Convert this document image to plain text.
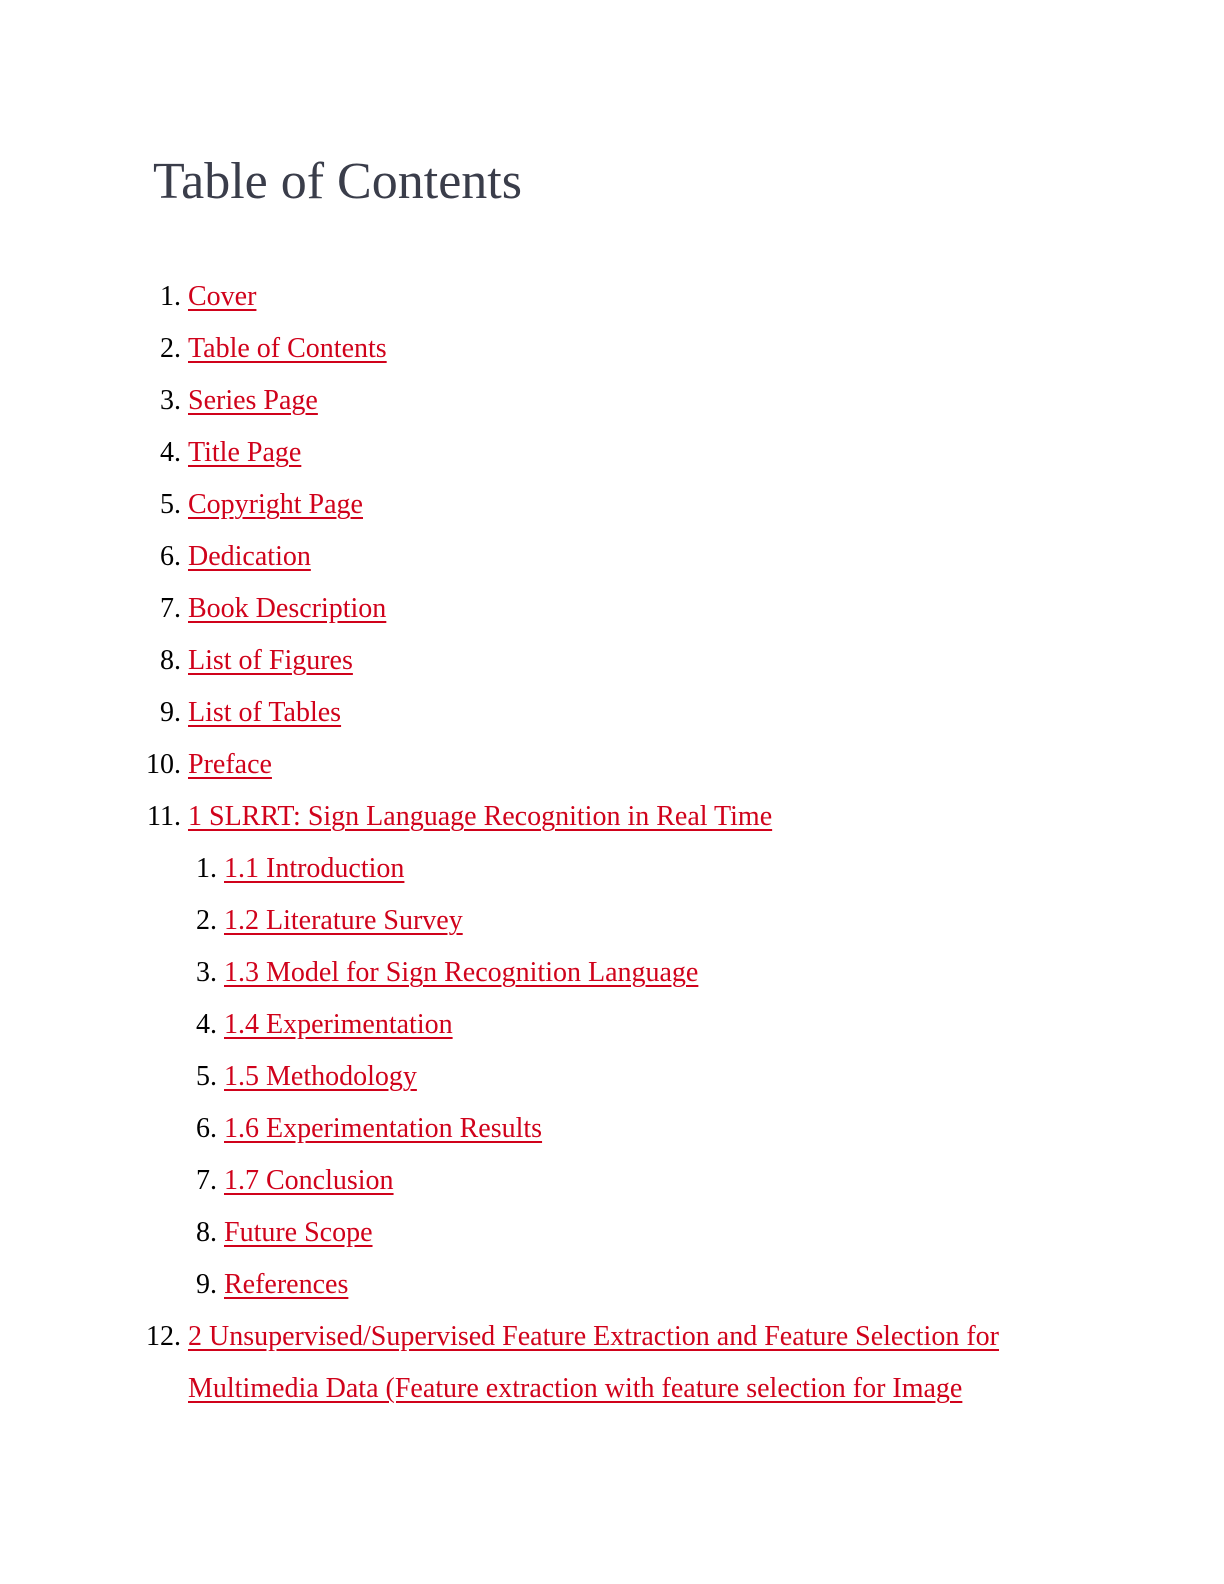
Table of Contents
1. Cover
2. Table of Contents
3. Series Page
4. Title Page
5. Copyright Page
6. Dedication
7. Book Description
8. List of Figures
9. List of Tables
10. Preface
11. 1 SLRRT: Sign Language Recognition in Real Time
1. 1.1 Introduction
2. 1.2 Literature Survey
3. 1.3 Model for Sign Recognition Language
4. 1.4 Experimentation
5. 1.5 Methodology
6. 1.6 Experimentation Results
7. 1.7 Conclusion
8. Future Scope
9. References
12. 2 Unsupervised/Supervised Feature Extraction and Feature Selection for Multimedia Data (Feature extraction with feature selection for Image
